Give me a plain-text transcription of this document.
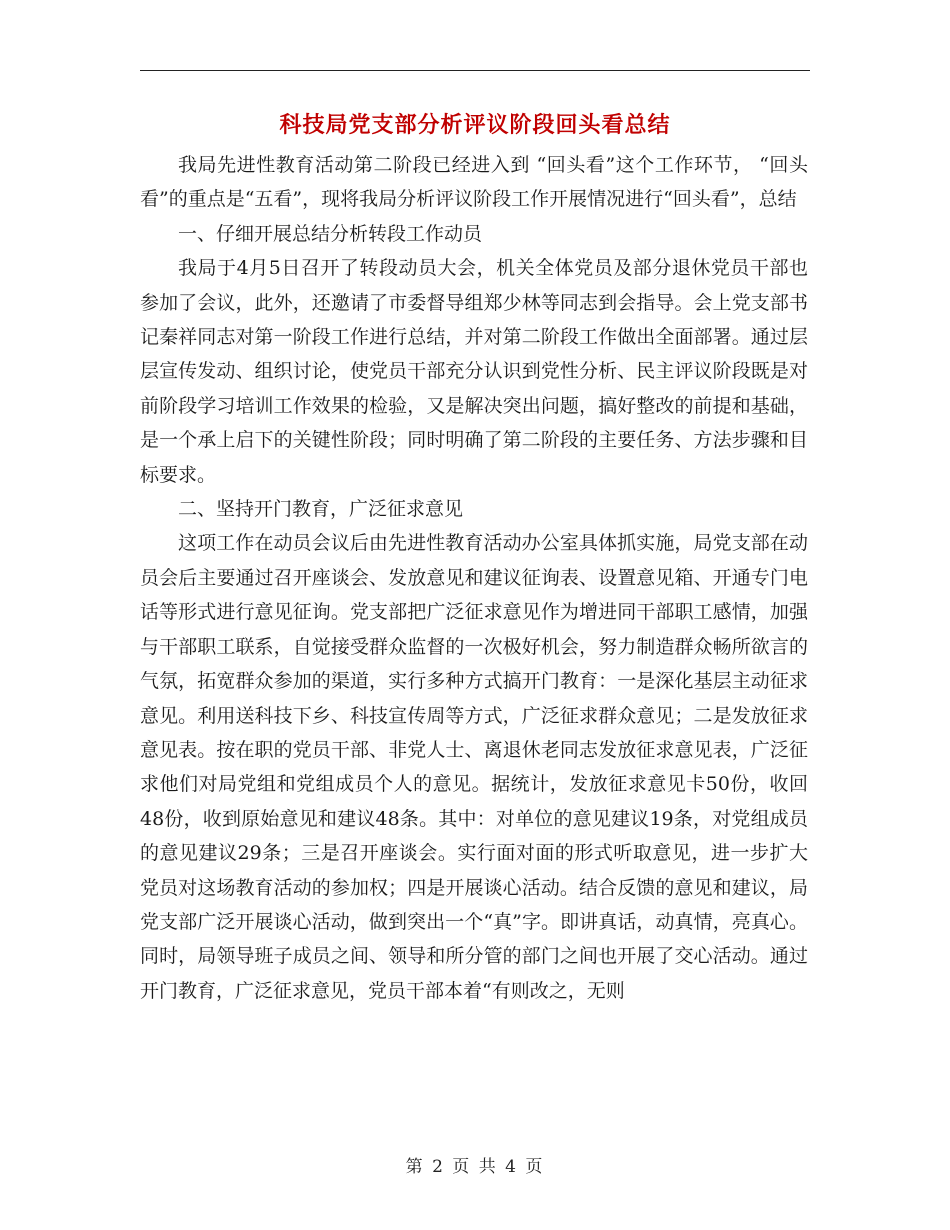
科技局党支部分析评议阶段回头看总结

我局先进性教育活动第二阶段已经进入到 “回头看”这个工作环节， “回头看”的重点是“五看”，现将我局分析评议阶段工作开展情况进行“回头看”，总结

一、仔细开展总结分析转段工作动员

我局于4月5日召开了转段动员大会，机关全体党员及部分退休党员干部也参加了会议，此外，还邀请了市委督导组郑少林等同志到会指导。会上党支部书记秦祥同志对第一阶段工作进行总结，并对第二阶段工作做出全面部署。通过层层宣传发动、组织讨论，使党员干部充分认识到党性分析、民主评议阶段既是对前阶段学习培训工作效果的检验，又是解决突出问题，搞好整改的前提和基础，是一个承上启下的关键性阶段；同时明确了第二阶段的主要任务、方法步骤和目标要求。

二、坚持开门教育，广泛征求意见

这项工作在动员会议后由先进性教育活动办公室具体抓实施，局党支部在动员会后主要通过召开座谈会、发放意见和建议征询表、设置意见箱、开通专门电话等形式进行意见征询。党支部把广泛征求意见作为增进同干部职工感情，加强与干部职工联系，自觉接受群众监督的一次极好机会，努力制造群众畅所欲言的气氛，拓宽群众参加的渠道，实行多种方式搞开门教育：一是深化基层主动征求意见。利用送科技下乡、科技宣传周等方式，广泛征求群众意见；二是发放征求意见表。按在职的党员干部、非党人士、离退休老同志发放征求意见表，广泛征求他们对局党组和党组成员个人的意见。据统计，发放征求意见卡50份，收回48份，收到原始意见和建议48条。其中：对单位的意见建议19条，对党组成员的意见建议29条；三是召开座谈会。实行面对面的形式听取意见，进一步扩大党员对这场教育活动的参加权；四是开展谈心活动。结合反馈的意见和建议，局党支部广泛开展谈心活动，做到突出一个“真”字。即讲真话，动真情，亮真心。同时，局领导班子成员之间、领导和所分管的部门之间也开展了交心活动。通过开门教育，广泛征求意见，党员干部本着“有则改之，无则

第 2 页 共 4 页
